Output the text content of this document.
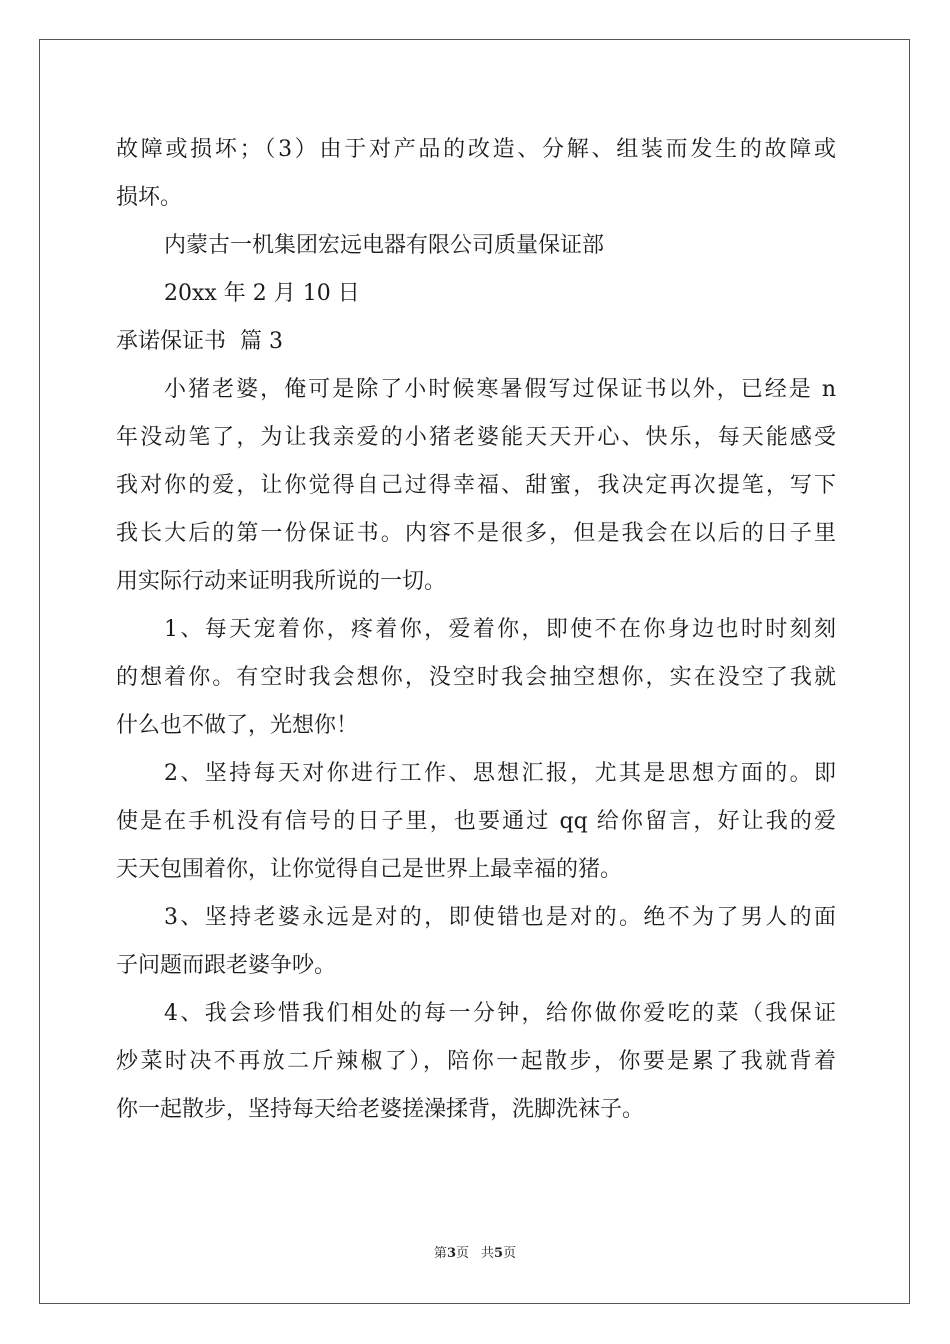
故障或损坏；（3）由于对产品的改造、分解、组装而发生的故障或
损坏。
内蒙古一机集团宏远电器有限公司质量保证部
20xx 年 2 月 10 日
承诺保证书  篇 3
小猪老婆，俺可是除了小时候寒暑假写过保证书以外，已经是 n
年没动笔了，为让我亲爱的小猪老婆能天天开心、快乐，每天能感受
我对你的爱，让你觉得自己过得幸福、甜蜜，我决定再次提笔，写下
我长大后的第一份保证书。内容不是很多，但是我会在以后的日子里
用实际行动来证明我所说的一切。
1、每天宠着你，疼着你，爱着你，即使不在你身边也时时刻刻
的想着你。有空时我会想你，没空时我会抽空想你，实在没空了我就
什么也不做了，光想你！
2、坚持每天对你进行工作、思想汇报，尤其是思想方面的。即
使是在手机没有信号的日子里，也要通过 qq 给你留言，好让我的爱
天天包围着你，让你觉得自己是世界上最幸福的猪。
3、坚持老婆永远是对的，即使错也是对的。绝不为了男人的面
子问题而跟老婆争吵。
4、我会珍惜我们相处的每一分钟，给你做你爱吃的菜（我保证
炒菜时决不再放二斤辣椒了），陪你一起散步，你要是累了我就背着
你一起散步，坚持每天给老婆搓澡揉背，洗脚洗袜子。
第3页 共5页
